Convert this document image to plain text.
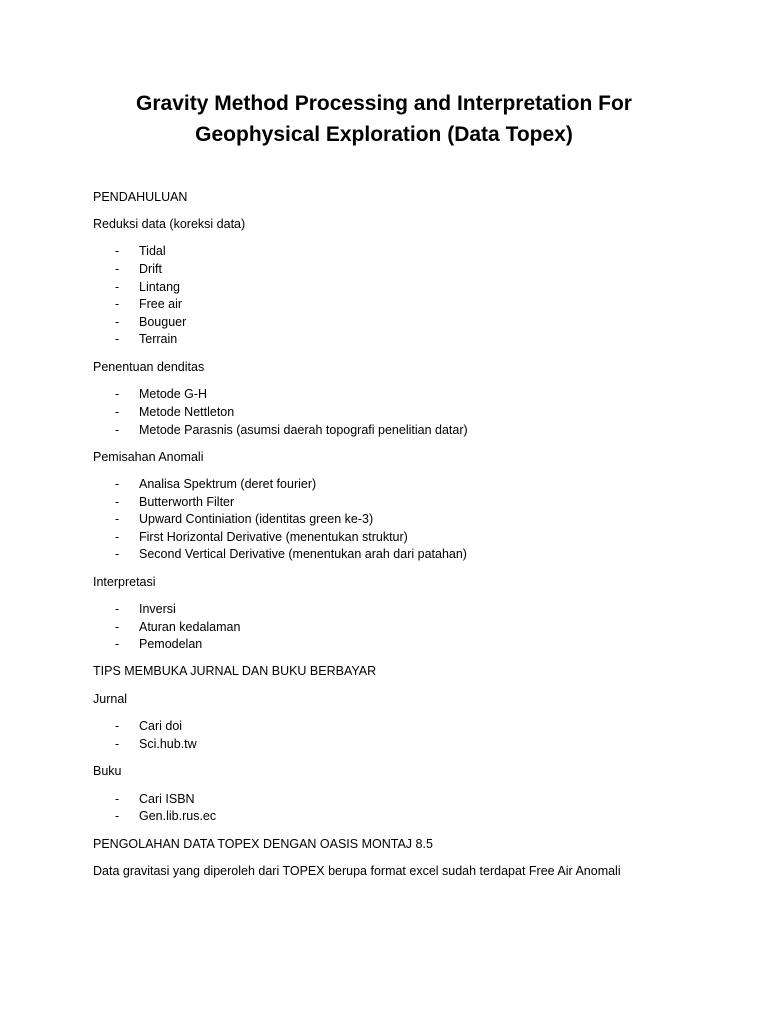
Gravity Method Processing and Interpretation For
Geophysical Exploration (Data Topex)

PENDAHULUAN

Reduksi data (koreksi data)

- Tidal
- Drift
- Lintang
- Free air
- Bouguer
- Terrain

Penentuan denditas

- Metode G-H
- Metode Nettleton
- Metode Parasnis (asumsi daerah topografi penelitian datar)

Pemisahan Anomali

- Analisa Spektrum (deret fourier)
- Butterworth Filter
- Upward Continiation (identitas green ke-3)
- First Horizontal Derivative (menentukan struktur)
- Second Vertical Derivative (menentukan arah dari patahan)

Interpretasi

- Inversi
- Aturan kedalaman
- Pemodelan

TIPS MEMBUKA JURNAL DAN BUKU BERBAYAR

Jurnal

- Cari doi
- Sci.hub.tw

Buku

- Cari ISBN
- Gen.lib.rus.ec

PENGOLAHAN DATA TOPEX DENGAN OASIS MONTAJ 8.5

Data gravitasi yang diperoleh dari TOPEX berupa format excel sudah terdapat Free Air Anomali
